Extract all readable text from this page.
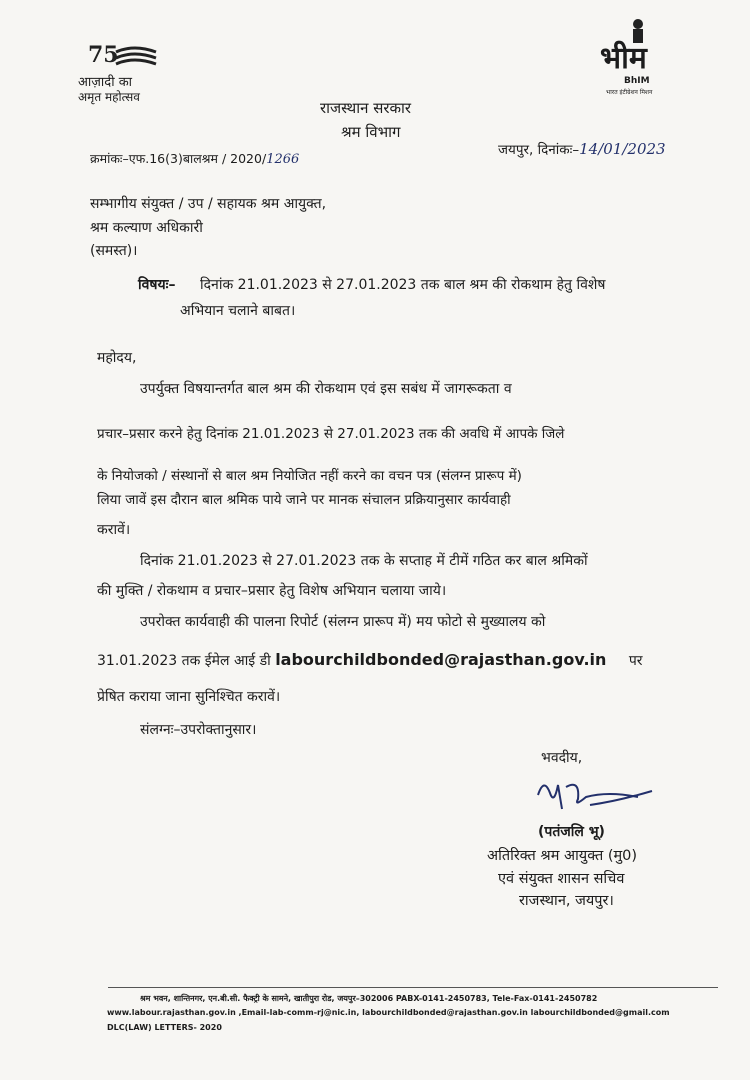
75
आज़ादी का
अमृत महोत्सव
भीम
BhIM
भारत इंटीग्रेशन मिशन
राजस्थान सरकार
श्रम विभाग
क्रमांकः–एफ.16(3)बालश्रम / 2020/1266
जयपुर, दिनांकः–14/01/2023
सम्भागीय संयुक्त / उप / सहायक श्रम आयुक्त,
श्रम कल्याण अधिकारी
(समस्त)।
विषयः– दिनांक 21.01.2023 से 27.01.2023 तक बाल श्रम की रोकथाम हेतु विशेष
अभियान चलाने बाबत।
महोदय,
उपर्युक्त विषयान्तर्गत बाल श्रम की रोकथाम एवं इस सबंध में जागरूकता व
प्रचार–प्रसार करने हेतु दिनांक 21.01.2023 से 27.01.2023 तक की अवधि में आपके जिले
के नियोजको / संस्थानों से बाल श्रम नियोजित नहीं करने का वचन पत्र (संलग्न प्रारूप में)
लिया जावें इस दौरान बाल श्रमिक पाये जाने पर मानक संचालन प्रक्रियानुसार कार्यवाही
करावें।
दिनांक 21.01.2023 से 27.01.2023 तक के सप्ताह में टीमें गठित कर बाल श्रमिकों
की मुक्ति / रोकथाम व प्रचार–प्रसार हेतु विशेष अभियान चलाया जाये।
उपरोक्त कार्यवाही की पालना रिपोर्ट (संलग्न प्रारूप में) मय फोटो से मुख्यालय को
31.01.2023 तक ईमेल आई डी labourchildbonded@rajasthan.gov.in पर
प्रेषित कराया जाना सुनिश्चित करावें।
संलग्नः–उपरोक्तानुसार।
भवदीय,
(पतंजलि भू)
अतिरिक्त श्रम आयुक्त (मु0)
एवं संयुक्त शासन सचिव
राजस्थान, जयपुर।
श्रम भवन, शान्तिनगर, एन.बी.सी. फैक्ट्री के सामने, खातीपुरा रोड, जयपुर–302006 PABX-0141-2450783, Tele-Fax-0141-2450782
www.labour.rajasthan.gov.in ,Email-lab-comm-rj@nic.in, labourchildbonded@rajasthan.gov.in labourchildbonded@gmail.com
DLC(LAW) LETTERS- 2020
